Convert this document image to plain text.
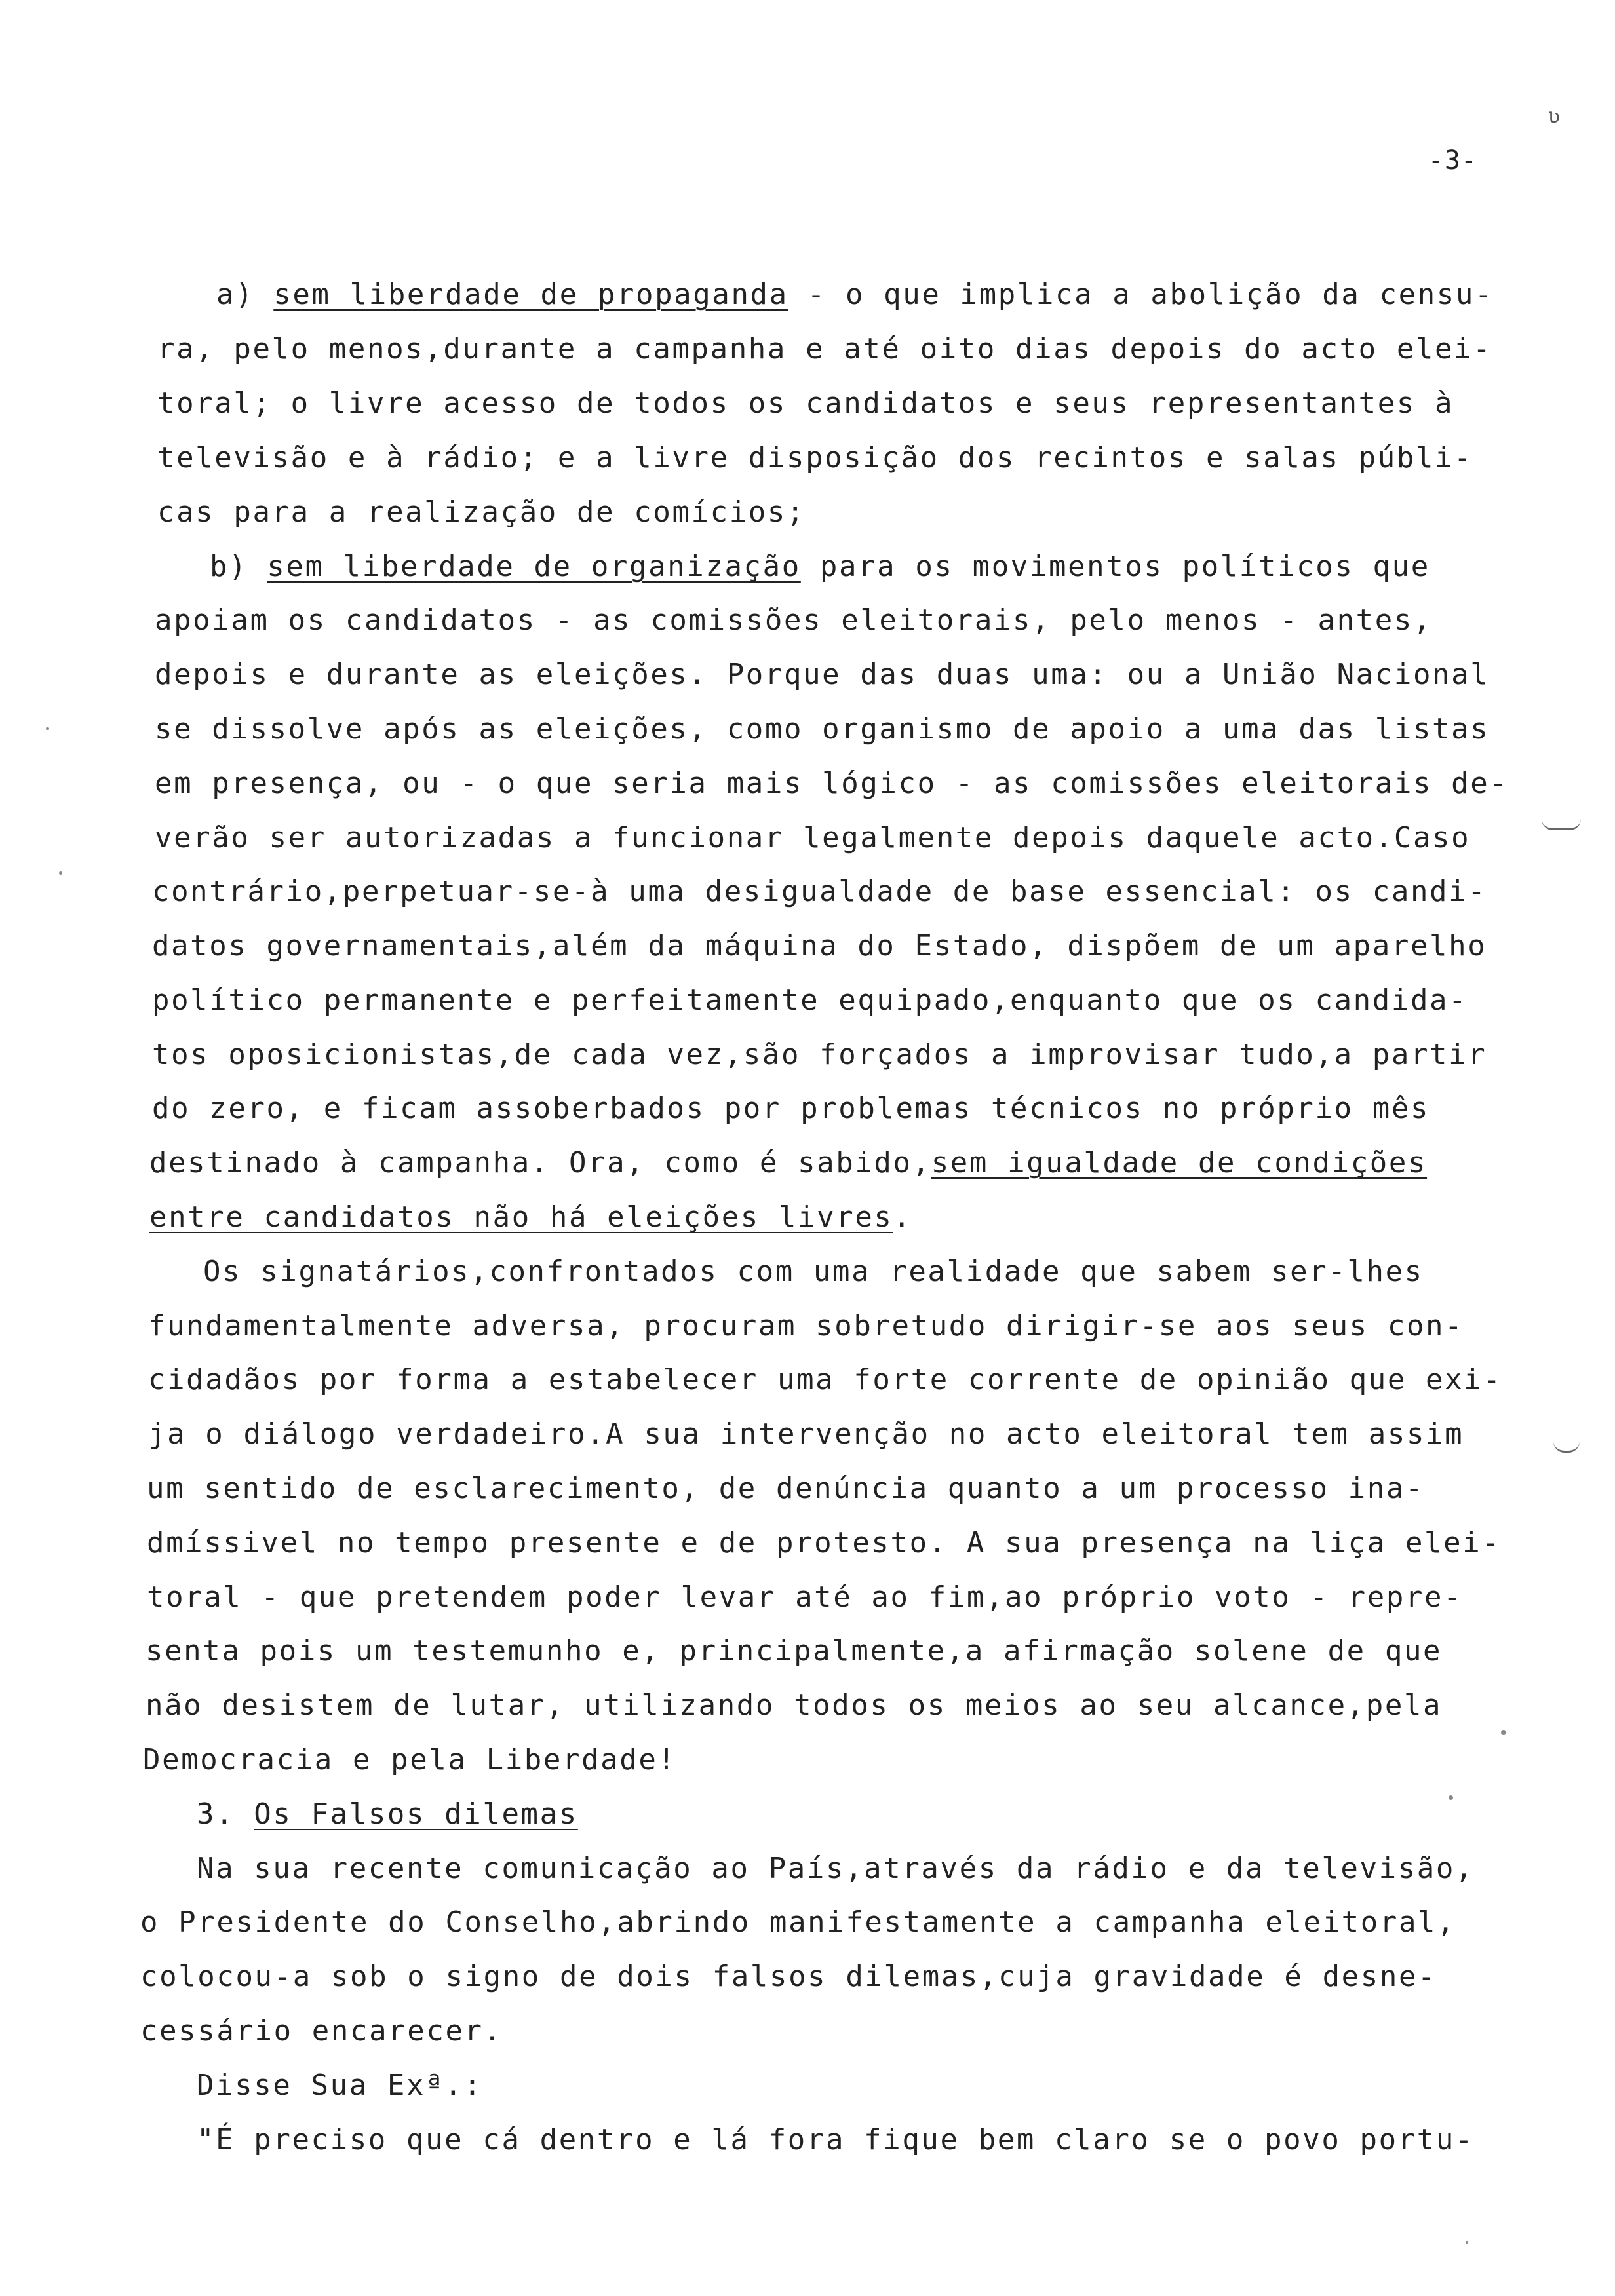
ʋ
-3-
a) sem liberdade de propaganda - o que implica a abolição da censu-
ra, pelo menos,durante a campanha e até oito dias depois do acto elei-
toral; o livre acesso de todos os candidatos e seus representantes à
televisão e à rádio; e a livre disposição dos recintos e salas públi-
cas para a realização de comícios;
b) sem liberdade de organização para os movimentos políticos que
apoiam os candidatos - as comissões eleitorais, pelo menos - antes,
depois e durante as eleições. Porque das duas uma: ou a União Nacional
se dissolve após as eleições, como organismo de apoio a uma das listas
em presença, ou - o que seria mais lógico - as comissões eleitorais de-
verão ser autorizadas a funcionar legalmente depois daquele acto.Caso
contrário,perpetuar-se-à uma desigualdade de base essencial: os candi-
datos governamentais,além da máquina do Estado, dispõem de um aparelho
político permanente e perfeitamente equipado,enquanto que os candida-
tos oposicionistas,de cada vez,são forçados a improvisar tudo,a partir
do zero, e ficam assoberbados por problemas técnicos no próprio mês
destinado à campanha. Ora, como é sabido,sem igualdade de condições
entre candidatos não há eleições livres.
Os signatários,confrontados com uma realidade que sabem ser-lhes
fundamentalmente adversa, procuram sobretudo dirigir-se aos seus con-
cidadãos por forma a estabelecer uma forte corrente de opinião que exi-
ja o diálogo verdadeiro.A sua intervenção no acto eleitoral tem assim
um sentido de esclarecimento, de denúncia quanto a um processo ina-
dmíssivel no tempo presente e de protesto. A sua presença na liça elei-
toral - que pretendem poder levar até ao fim,ao próprio voto - repre-
senta pois um testemunho e, principalmente,a afirmação solene de que
não desistem de lutar, utilizando todos os meios ao seu alcance,pela
Democracia e pela Liberdade!
3. Os Falsos dilemas
Na sua recente comunicação ao País,através da rádio e da televisão,
o Presidente do Conselho,abrindo manifestamente a campanha eleitoral,
colocou-a sob o signo de dois falsos dilemas,cuja gravidade é desne-
cessário encarecer.
Disse Sua Exª.:
"É preciso que cá dentro e lá fora fique bem claro se o povo portu-
